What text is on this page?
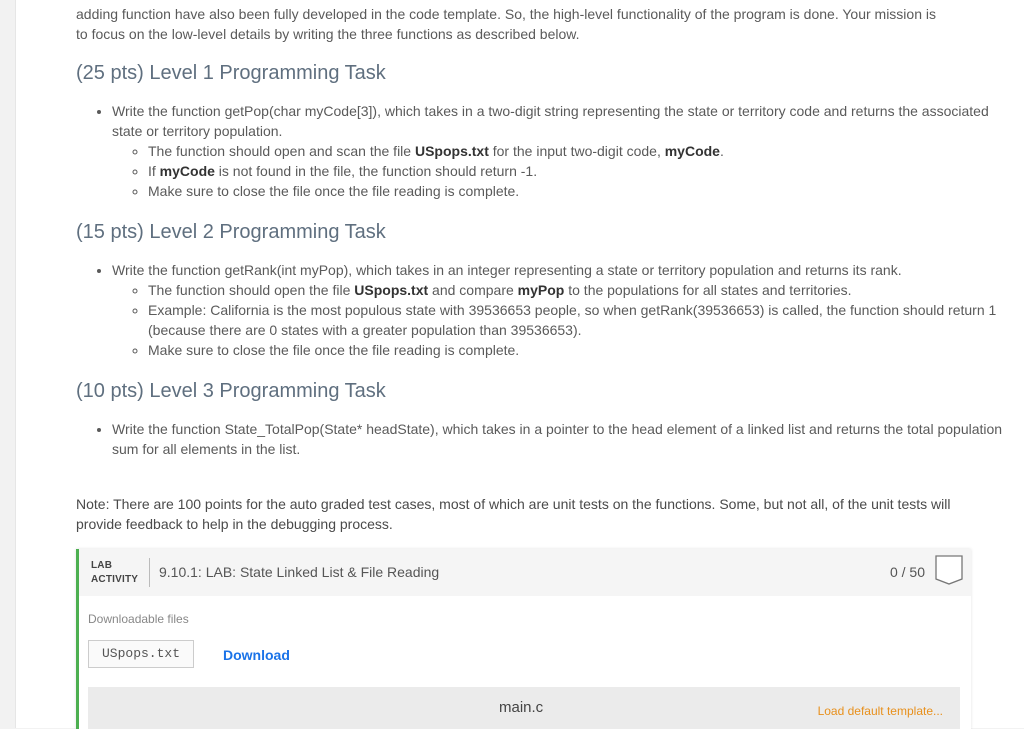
adding function have also been fully developed in the code template. So, the high-level functionality of the program is done. Your mission is

to focus on the low-level details by writing the three functions as described below.

(25 pts) Level 1 Programming Task
• Write the function getPop(char myCode[3]), which takes in a two-digit string representing the state or territory code and returns the associated state or territory population.
◦ The function should open and scan the file USpops.txt for the input two-digit code, myCode.
◦ If myCode is not found in the file, the function should return -1.
◦ Make sure to close the file once the file reading is complete.
(15 pts) Level 2 Programming Task
• Write the function getRank(int myPop), which takes in an integer representing a state or territory population and returns its rank.
◦ The function should open the file USpops.txt and compare myPop to the populations for all states and territories.
◦ Example: California is the most populous state with 39536653 people, so when getRank(39536653) is called, the function should return 1 (because there are 0 states with a greater population than 39536653).
◦ Make sure to close the file once the file reading is complete.
(10 pts) Level 3 Programming Task
• Write the function State_TotalPop(State* headState), which takes in a pointer to the head element of a linked list and returns the total population sum for all elements in the list.
Note: There are 100 points for the auto graded test cases, most of which are unit tests on the functions. Some, but not all, of the unit tests will provide feedback to help in the debugging process.
LAB
ACTIVITY 9.10.1: LAB: State Linked List & File Reading	0 / 50
Downloadable files
USpops.txt	Download
main.c	Load default template...
